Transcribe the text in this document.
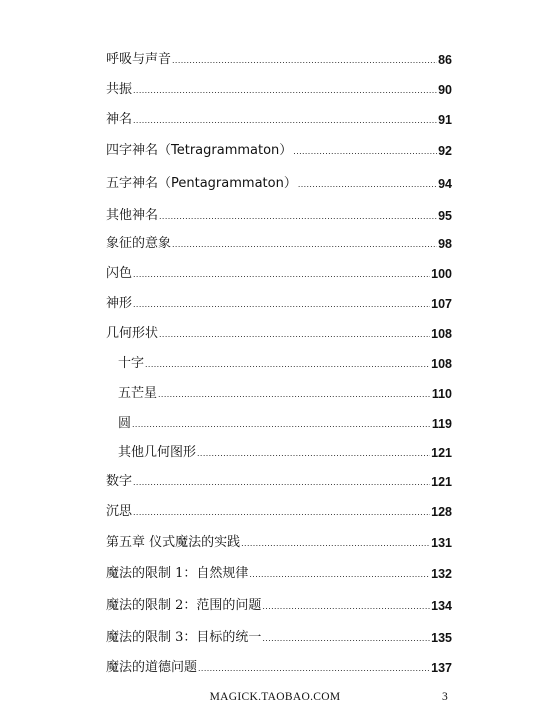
呼吸与声音 .....	86
共振 .....	90
神名 .....	91
四字神名（Tetragrammaton） .....	92
五字神名（Pentagrammaton） .....	94
其他神名 .....	95
象征的意象 .....	98
闪色 .....	100
神形 .....	107
几何形状 .....	108
十字 .....	108
五芒星 .....	110
圆 .....	119
其他几何图形 .....	121
数字 .....	121
沉思 .....	128
第五章 仪式魔法的实践 .....	131
魔法的限制 1：自然规律 .....	132
魔法的限制 2：范围的问题 .....	134
魔法的限制 3：目标的统一 .....	135
魔法的道德问题 .....	137
MAGICK.TAOBAO.COM	3
